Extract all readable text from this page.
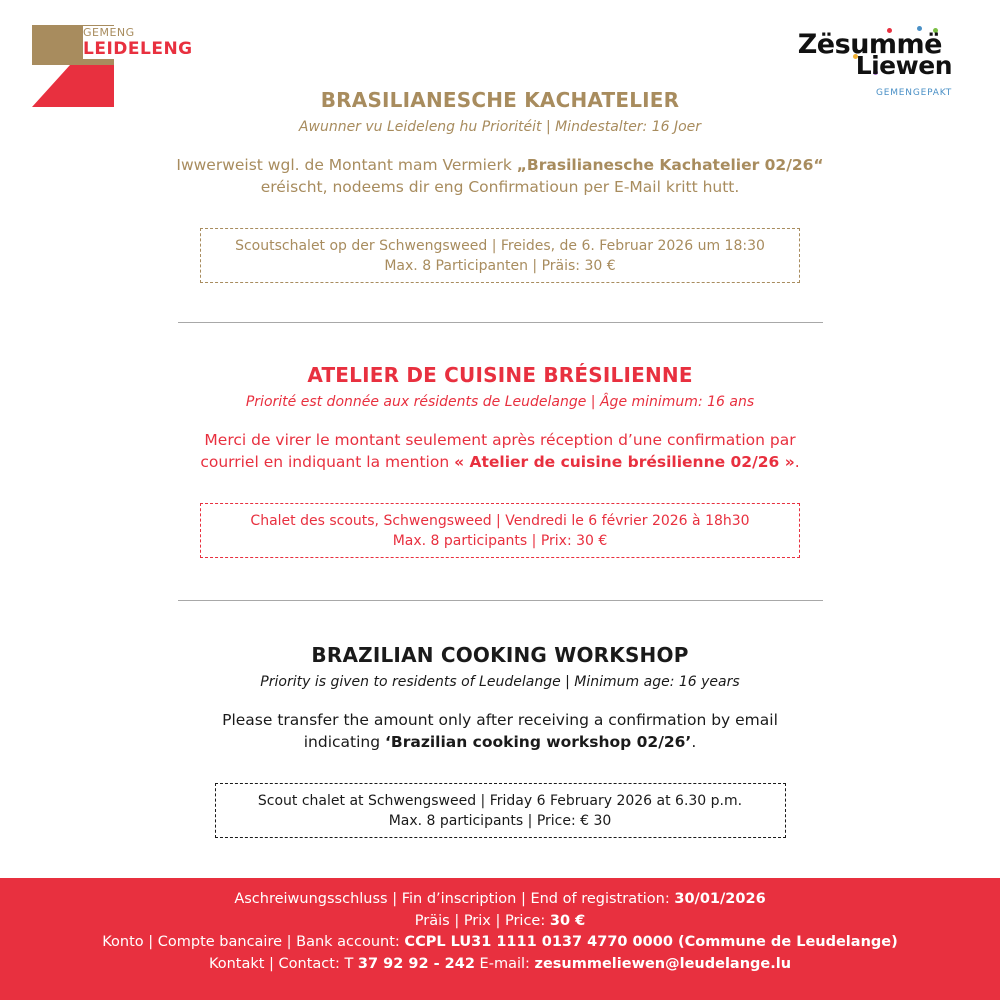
GEMENG
LEIDELENG	Zësummë
Liewen
GEMENGEPAKT
BRASILIANESCHE KACHATELIER
Awunner vu Leideleng hu Prioritéit | Mindestalter: 16 Joer
Iwwerweist wgl. de Montant mam Vermierk „Brasilianesche Kachatelier 02/26“ eréischt, nodeems dir eng Confirmatioun per E-Mail kritt hutt.
Scoutschalet op der Schwengsweed | Freides, de 6. Februar 2026 um 18:30
Max. 8 Participanten | Präis: 30 €
ATELIER DE CUISINE BRÉSILIENNE
Priorité est donnée aux résidents de Leudelange | Âge minimum: 16 ans
Merci de virer le montant seulement après réception d’une confirmation par courriel en indiquant la mention « Atelier de cuisine brésilienne 02/26 ».
Chalet des scouts, Schwengsweed | Vendredi le 6 février 2026 à 18h30
Max. 8 participants | Prix: 30 €
BRAZILIAN COOKING WORKSHOP
Priority is given to residents of Leudelange | Minimum age: 16 years
Please transfer the amount only after receiving a confirmation by email indicating ‘Brazilian cooking workshop 02/26’.
Scout chalet at Schwengsweed | Friday 6 February 2026 at 6.30 p.m.
Max. 8 participants | Price: € 30
Aschreiwungsschluss | Fin d’inscription | End of registration: 30/01/2026
Präis | Prix | Price: 30 €
Konto | Compte bancaire | Bank account: CCPL LU31 1111 0137 4770 0000 (Commune de Leudelange)
Kontakt | Contact: T 37 92 92 - 242 E-mail: zesummeliewen@leudelange.lu
